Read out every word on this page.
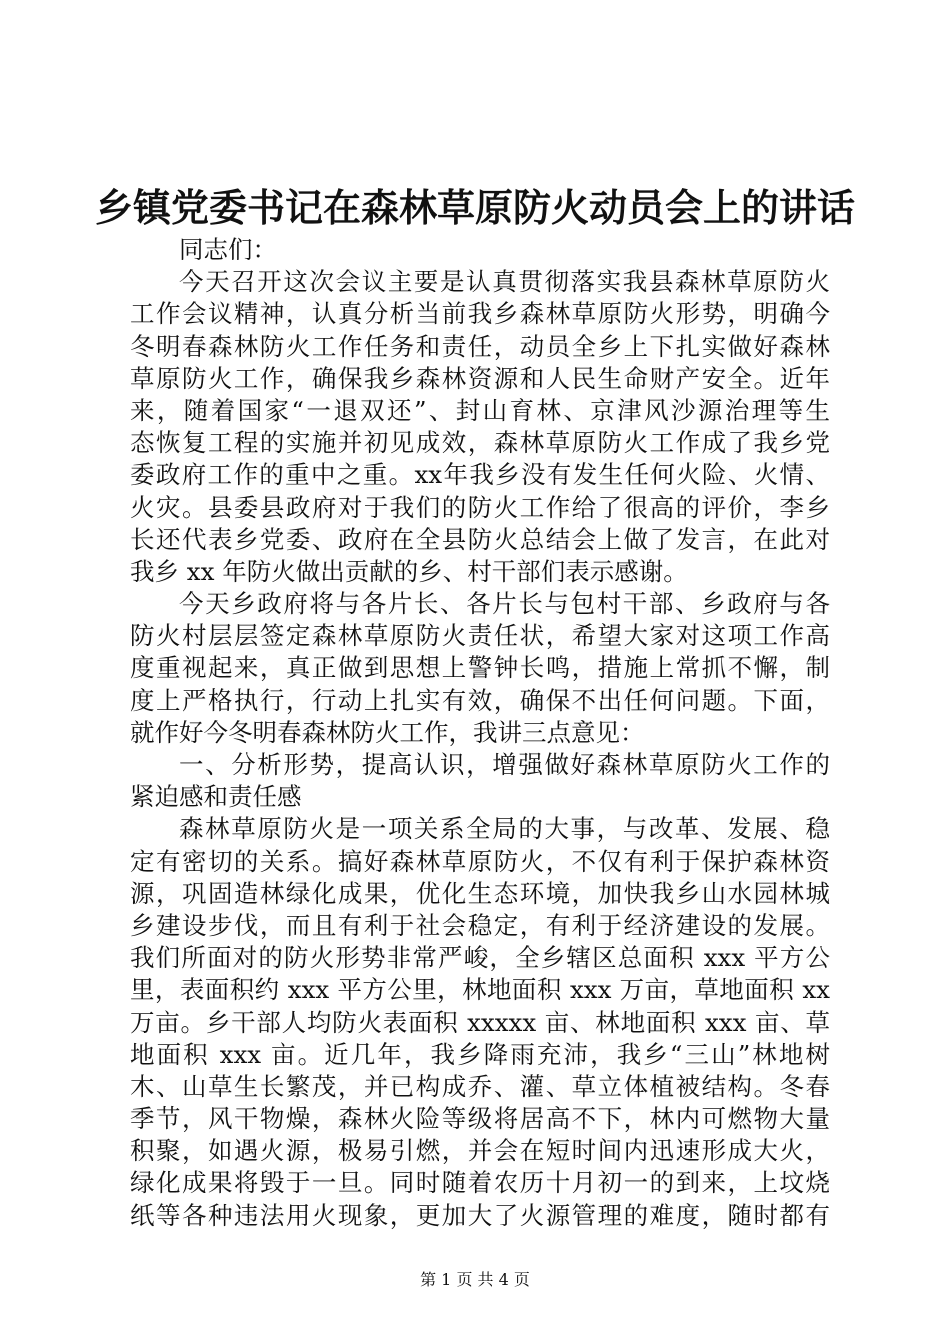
乡镇党委书记在森林草原防火动员会上的讲话
同志们：
今天召开这次会议主要是认真贯彻落实我县森林草原防火
工作会议精神，认真分析当前我乡森林草原防火形势，明确今
冬明春森林防火工作任务和责任，动员全乡上下扎实做好森林
草原防火工作，确保我乡森林资源和人民生命财产安全。近年
来，随着国家“一退双还”、封山育林、京津风沙源治理等生
态恢复工程的实施并初见成效，森林草原防火工作成了我乡党
委政府工作的重中之重。xx年我乡没有发生任何火险、火情、
火灾。县委县政府对于我们的防火工作给了很高的评价，李乡
长还代表乡党委、政府在全县防火总结会上做了发言，在此对
我乡 xx 年防火做出贡献的乡、村干部们表示感谢。
今天乡政府将与各片长、各片长与包村干部、乡政府与各
防火村层层签定森林草原防火责任状，希望大家对这项工作高
度重视起来，真正做到思想上警钟长鸣，措施上常抓不懈，制
度上严格执行，行动上扎实有效，确保不出任何问题。下面，
就作好今冬明春森林防火工作，我讲三点意见：
一、分析形势，提高认识，增强做好森林草原防火工作的
紧迫感和责任感
森林草原防火是一项关系全局的大事，与改革、发展、稳
定有密切的关系。搞好森林草原防火，不仅有利于保护森林资
源，巩固造林绿化成果，优化生态环境，加快我乡山水园林城
乡建设步伐，而且有利于社会稳定，有利于经济建设的发展。
我们所面对的防火形势非常严峻，全乡辖区总面积 xxx 平方公
里，表面积约 xxx 平方公里，林地面积 xxx 万亩，草地面积 xx
万亩。乡干部人均防火表面积 xxxxx 亩、林地面积 xxx 亩、草
地面积 xxx 亩。近几年，我乡降雨充沛，我乡“三山”林地树
木、山草生长繁茂，并已构成乔、灌、草立体植被结构。冬春
季节，风干物燥，森林火险等级将居高不下，林内可燃物大量
积聚，如遇火源，极易引燃，并会在短时间内迅速形成大火，
绿化成果将毁于一旦。同时随着农历十月初一的到来，上坟烧
纸等各种违法用火现象，更加大了火源管理的难度，随时都有
第 1 页 共 4 页
